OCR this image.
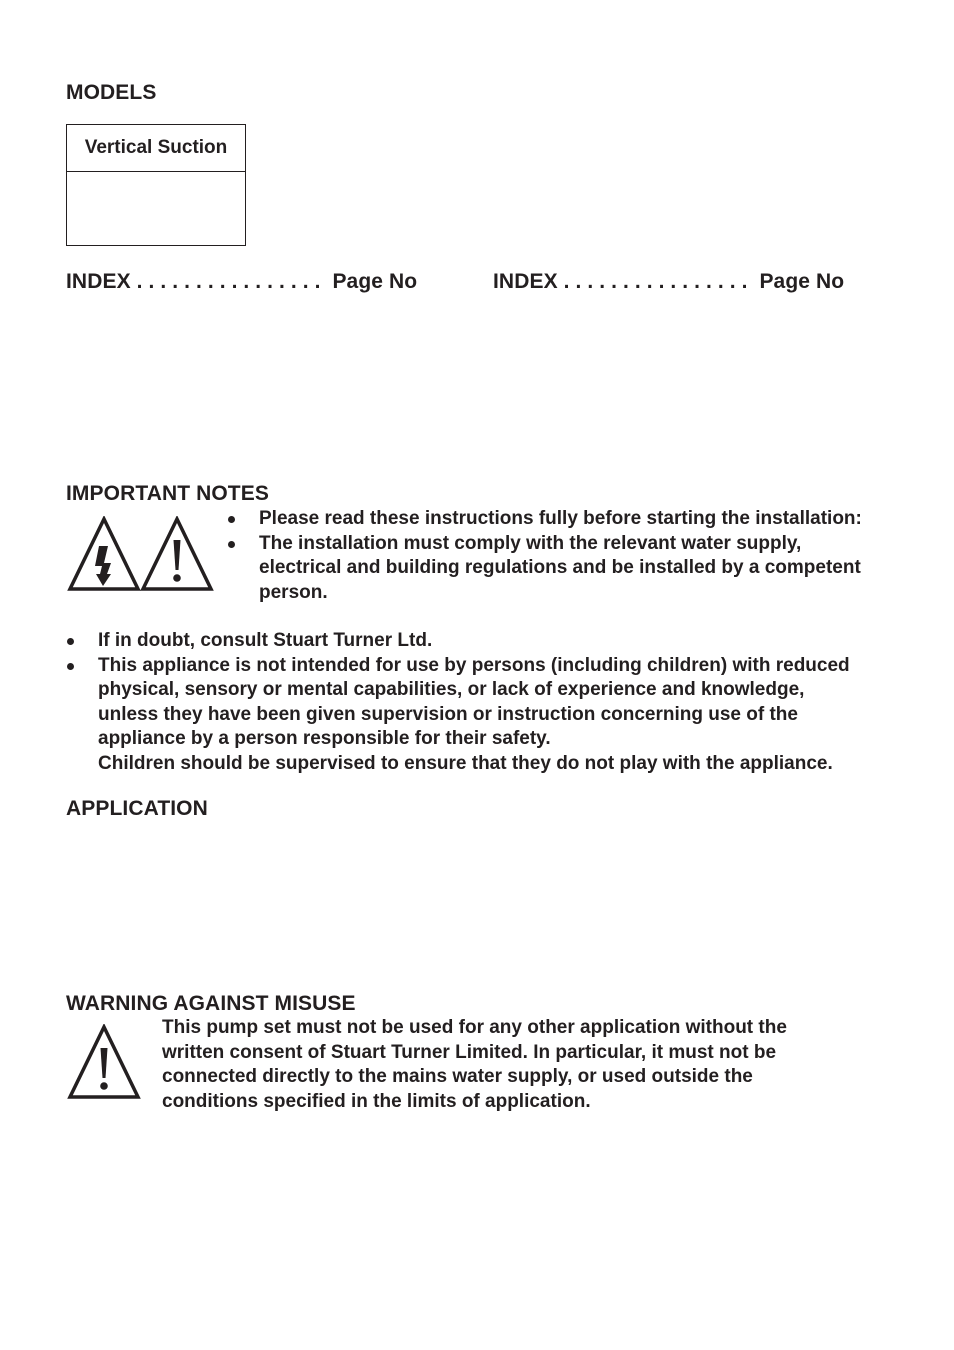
MODELS
Vertical Suction
INDEX . . . . . . . . . . . . . . . .  Page No	INDEX . . . . . . . . . . . . . . . .  Page No
IMPORTANT NOTES
Please read these instructions fully before starting the installation:
The installation must comply with the relevant water supply, electrical and building regulations and be installed by a competent person.
If in doubt, consult Stuart Turner Ltd.
This appliance is not intended for use by persons (including children) with reduced physical, sensory or mental capabilities, or lack of experience and knowledge, unless they have been given supervision or instruction concerning use of the appliance by a person responsible for their safety.
Children should be supervised to ensure that they do not play with the appliance.
APPLICATION
WARNING AGAINST MISUSE
This pump set must not be used for any other application without the written consent of Stuart Turner Limited. In particular, it must not be connected directly to the mains water supply, or used outside the conditions specified in the limits of application.
